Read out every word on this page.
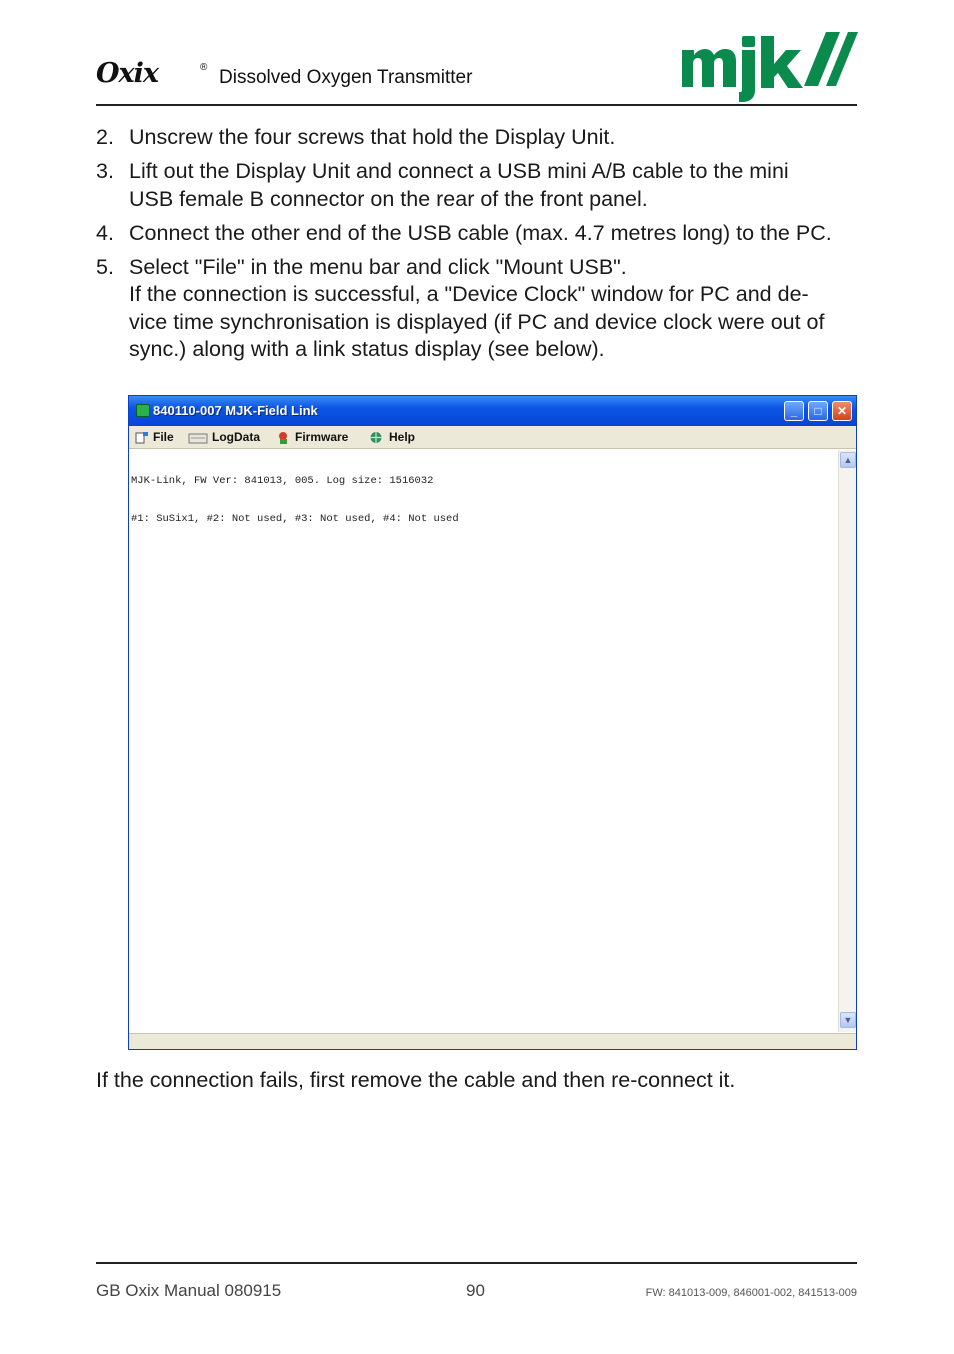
Oxix	® Dissolved Oxygen Transmitter
2. Unscrew the four screws that hold the Display Unit.
3. Lift out the Display Unit and connect a USB mini A/B cable to the mini
USB female B connector on the rear of the front panel.
4. Connect the other end of the USB cable (max. 4.7 metres long) to the PC.
5. Select "File" in the menu bar and click "Mount USB".
If the connection is successful, a "Device Clock" window for PC and de-
vice time synchronisation is displayed (if PC and device clock were out of
sync.) along with a link status display (see below).
840110-007 MJK-Field Link	_	□	✕
File	LogData	Firmware	Help

MJK-Link, FW Ver: 841013, 005. Log size: 1516032

#1: SuSix1, #2: Not used, #3: Not used, #4: Not used

▲
▼
If the connection fails, first remove the cable and then re-connect it.
GB Oxix Manual 080915	90	FW: 841013-009, 846001-002, 841513-009
